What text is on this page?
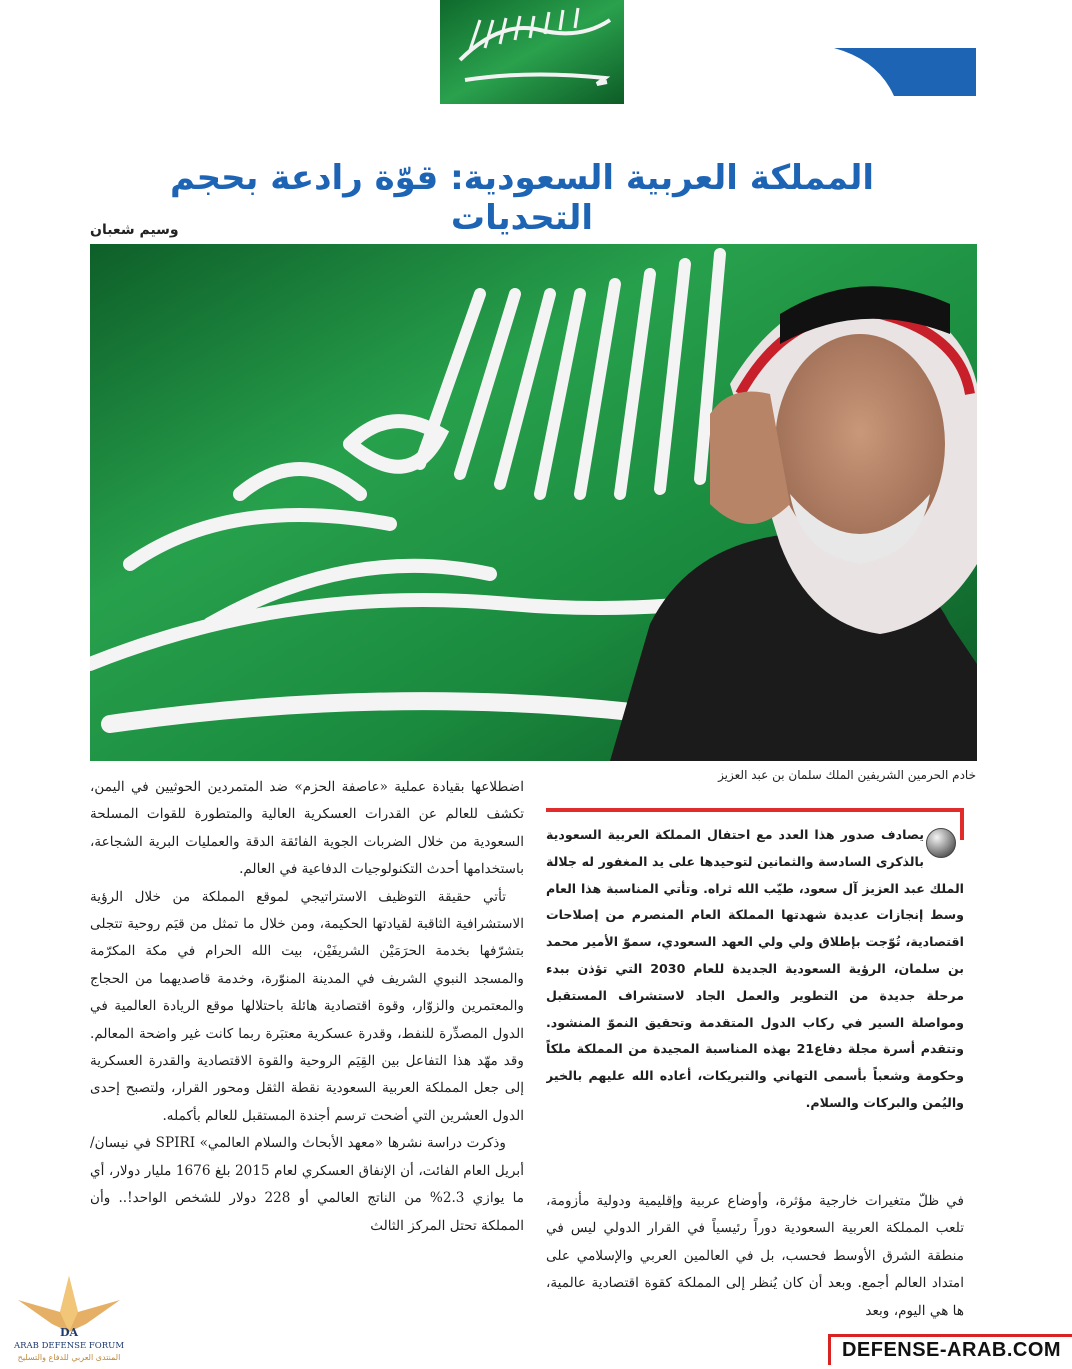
المملكة العربية السعودية: قوّة رادعة بحجم التحديات
وسيم شعبان
خادم الحرمين الشريفين الملك سلمان بن عبد العزيز
يصادف صدور هذا العدد مع احتفال المملكة العربية السعودية بالذكرى السادسة والثمانين لتوحيدها على يد المغفور له جلالة الملك عبد العزيز آل سعود، طيّب الله ثراه. وتأتي المناسبة هذا العام وسط إنجازات عديدة شهدتها المملكة العام المنصرم من إصلاحات اقتصادية، تُوّجت بإطلاق ولي ولي العهد السعودي، سموّ الأمير محمد بن سلمان، الرؤية السعودية الجديدة للعام 2030 التي تؤذن ببدء مرحلة جديدة من التطوير والعمل الجاد لاستشراف المستقبل ومواصلة السير في ركاب الدول المتقدمة وتحقيق النموّ المنشود. وتتقدم أسرة مجلة دفاع21 بهذه المناسبة المجيدة من المملكة ملكاً وحكومة وشعباً بأسمى التهاني والتبريكات، أعاده الله عليهم بالخير واليُمن والبركات والسلام.

في ظلّ متغيرات خارجية مؤثرة، وأوضاع عربية وإقليمية ودولية مأزومة، تلعب المملكة العربية السعودية دوراً رئيسياً في القرار الدولي ليس في منطقة الشرق الأوسط فحسب، بل في العالمين العربي والإسلامي على امتداد العالم أجمع. وبعد أن كان يُنظر إلى المملكة كقوة اقتصادية عالمية، ها هي اليوم، وبعد

اضطلاعها بقيادة عملية «عاصفة الحزم» ضد المتمردين الحوثيين في اليمن، تكشف للعالم عن القدرات العسكرية العالية والمتطورة للقوات المسلحة السعودية من خلال الضربات الجوية الفائقة الدقة والعمليات البرية الشجاعة، باستخدامها أحدث التكنولوجيات الدفاعية في العالم.

تأتي حقيقة التوظيف الاستراتيجي لموقع المملكة من خلال الرؤية الاستشرافية الثاقبة لقيادتها الحكيمة، ومن خلال ما تمثل من قيَم روحية تتجلى بتشرّفها بخدمة الحرَمَيْن الشريفَيْن، بيت الله الحرام في مكة المكرّمة والمسجد النبوي الشريف في المدينة المنوّرة، وخدمة قاصديهما من الحجاج والمعتمرين والزوّار، وقوة اقتصادية هائلة باحتلالها موقع الريادة العالمية في الدول المصدِّرة للنفط، وقدرة عسكرية معتبَرة ربما كانت غير واضحة المعالم. وقد مهّد هذا التفاعل بين القِيَم الروحية والقوة الاقتصادية والقدرة العسكرية إلى جعل المملكة العربية السعودية نقطة الثقل ومحور القرار، ولتصبح إحدى الدول العشرين التي أضحت ترسم أجندة المستقبل للعالم بأكمله.

وذكرت دراسة نشرها «معهد الأبحاث والسلام العالمي» SPIRI في نيسان/ أبريل العام الفائت، أن الإنفاق العسكري لعام 2015 بلغ 1676 مليار دولار، أي ما يوازي 2.3% من الناتج العالمي أو 228 دولار للشخص الواحد!.. وأن المملكة تحتل المركز الثالث

DA
ARAB DEFENSE FORUM
المنتدى العربي للدفاع والتسليح	DEFENSE-ARAB.COM
